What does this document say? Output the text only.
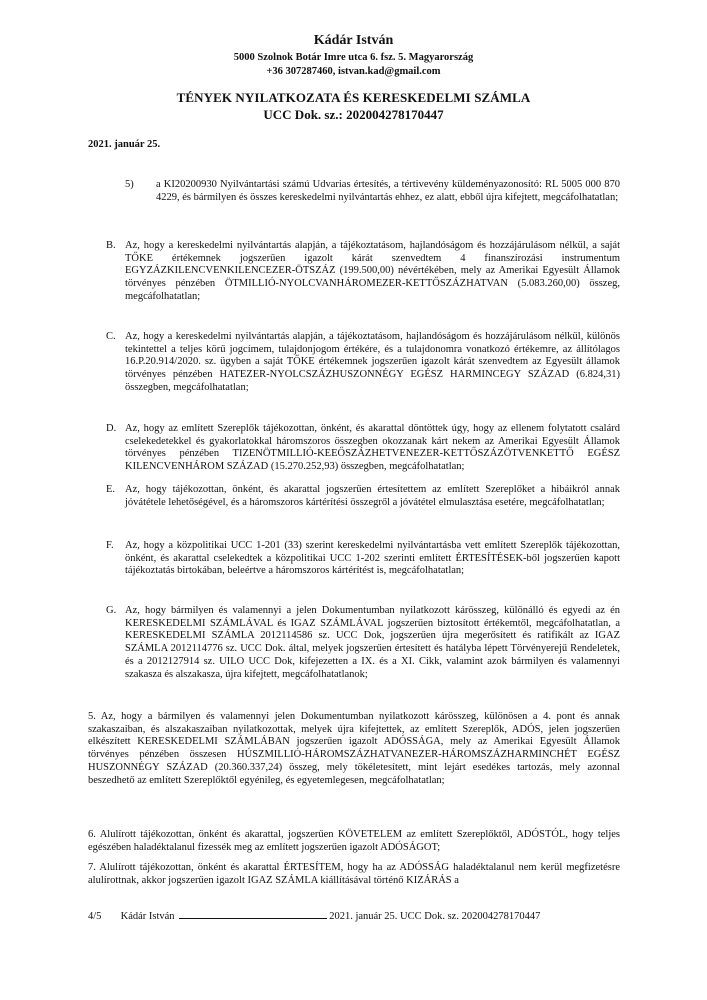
Kádár István
5000 Szolnok Botár Imre utca 6. fsz. 5. Magyarország
+36 307287460, istvan.kad@gmail.com
TÉNYEK NYILATKOZATA ÉS KERESKEDELMI SZÁMLA
UCC Dok. sz.: 202004278170447
2021. január 25.
5) a KI20200930 Nyilvántartási számú Udvarias értesítés, a tértivevény küldeményazonosító: RL 5005 000 870 4229, és bármilyen és összes kereskedelmi nyilvántartás ehhez, ez alatt, ebből újra kifejtett, megcáfolhatatlan;
B. Az, hogy a kereskedelmi nyilvántartás alapján, a tájékoztatásom, hajlandóságom és hozzájárulásom nélkül, a saját TŐKE értékemnek jogszerűen igazolt kárát szenvedtem 4 finanszírozási instrumentum EGYZÁZKILENCVENKILENCEZER-ÖTSZÁZ (199.500,00) névértékében, mely az Amerikai Egyesült Államok törvényes pénzében ÖTMILLIÓ-NYOLCVANHÁROMEZER-KETTŐSZÁZHATVAN (5.083.260,00) összeg, megcáfolhatatlan;
C. Az, hogy a kereskedelmi nyilvántartás alapján, a tájékoztatásom, hajlandóságom és hozzájárulásom nélkül, különös tekintettel a teljes körű jogcímem, tulajdonjogom értékére, és a tulajdonomra vonatkozó értékemre, az állítólagos 16.P.20.914/2020. sz. ügyben a saját TŐKE értékemnek jogszerűen igazolt kárát szenvedtem az Egyesült államok törvényes pénzében HATEZER-NYOLCSZÁZHUSZONNÉGY EGÉSZ HARMINCEGY SZÁZAD (6.824,31) összegben, megcáfolhatatlan;
D. Az, hogy az említett Szereplők tájékozottan, önként, és akarattal döntöttek úgy, hogy az ellenem folytatott csalárd cselekedetekkel és gyakorlatokkal háromszoros összegben okozzanak kárt nekem az Amerikai Egyesült Államok törvényes pénzében TIZENÖTMILLIÓ-KEEŐSZÁZHETVENEZER-KETTŐSZÁZÖTVENKETTŐ EGÉSZ KILENCVENHÁROM SZÁZAD (15.270.252,93) összegben, megcáfolhatatlan;
E. Az, hogy tájékozottan, önként, és akarattal jogszerűen értesítettem az említett Szereplőket a hibáikról annak jóvátétele lehetőségével, és a háromszoros kártérítési összegről a jóvátétel elmulasztása esetére, megcáfolhatatlan;
F. Az, hogy a közpolitikai UCC 1-201 (33) szerint kereskedelmi nyilvántartásba vett említett Szereplők tájékozottan, önként, és akarattal cselekedtek a közpolitikai UCC 1-202 szerinti említett ÉRTESÍTÉSEK-ből jogszerűen kapott tájékoztatás birtokában, beleértve a háromszoros kártérítést is, megcáfolhatatlan;
G. Az, hogy bármilyen és valamennyi a jelen Dokumentumban nyilatkozott kárösszeg, különálló és egyedi az én KERESKEDELMI SZÁMLÁVAL és IGAZ SZÁMLÁVAL jogszerűen biztosított értékemtől, megcáfolhatatlan, a KERESKEDELMI SZÁMLA 2012114586 sz. UCC Dok, jogszerűen újra megerősített és ratifikált az IGAZ SZÁMLA 2012114776 sz. UCC Dok. által, melyek jogszerűen értesített és hatályba lépett Törvényerejű Rendeletek, és a 2012127914 sz. UILO UCC Dok, kifejezetten a IX. és a XI. Cikk, valamint azok bármilyen és valamennyi szakasza és alszakasza, újra kifejtett, megcáfolhatatlanok;
5. Az, hogy a bármilyen és valamennyi jelen Dokumentumban nyilatkozott kárösszeg, különösen a 4. pont és annak szakaszaiban, és alszakaszaiban nyilatkozottak, melyek újra kifejtettek, az említett Szereplők, ADÓS, jelen jogszerűen elkészített KERESKEDELMI SZÁMLÁBAN jogszerűen igazolt ADÓSSÁGA, mely az Amerikai Egyesült Államok törvényes pénzében összesen HÚSZMILLIÓ-HÁROMSZÁZHATVANEZER-HÁROMSZÁZHARMINCHÉT EGÉSZ HUSZONNÉGY SZÁZAD (20.360.337,24) összeg, mely tökéletesített, mint lejárt esedékes tartozás, mely azonnal beszedhető az említett Szereplőktől egyénileg, és egyetemlegesen, megcáfolhatatlan;
6. Alulírott tájékozottan, önként és akarattal, jogszerűen KÖVETELEM az említett Szereplőktől, ADÓSTÓL, hogy teljes egészében haladéktalanul fizessék meg az említett jogszerűen igazolt ADÓSÁGOT;
7. Alulírott tájékozottan, önként és akarattal ÉRTESÍTEM, hogy ha az ADÓSSÁG haladéktalanul nem kerül megfizetésre alulírottnak, akkor jogszerűen igazolt IGAZ SZÁMLA kiállításával történő KIZÁRÁS a
4/5 Kádár István	2021. január 25. UCC Dok. sz. 202004278170447
